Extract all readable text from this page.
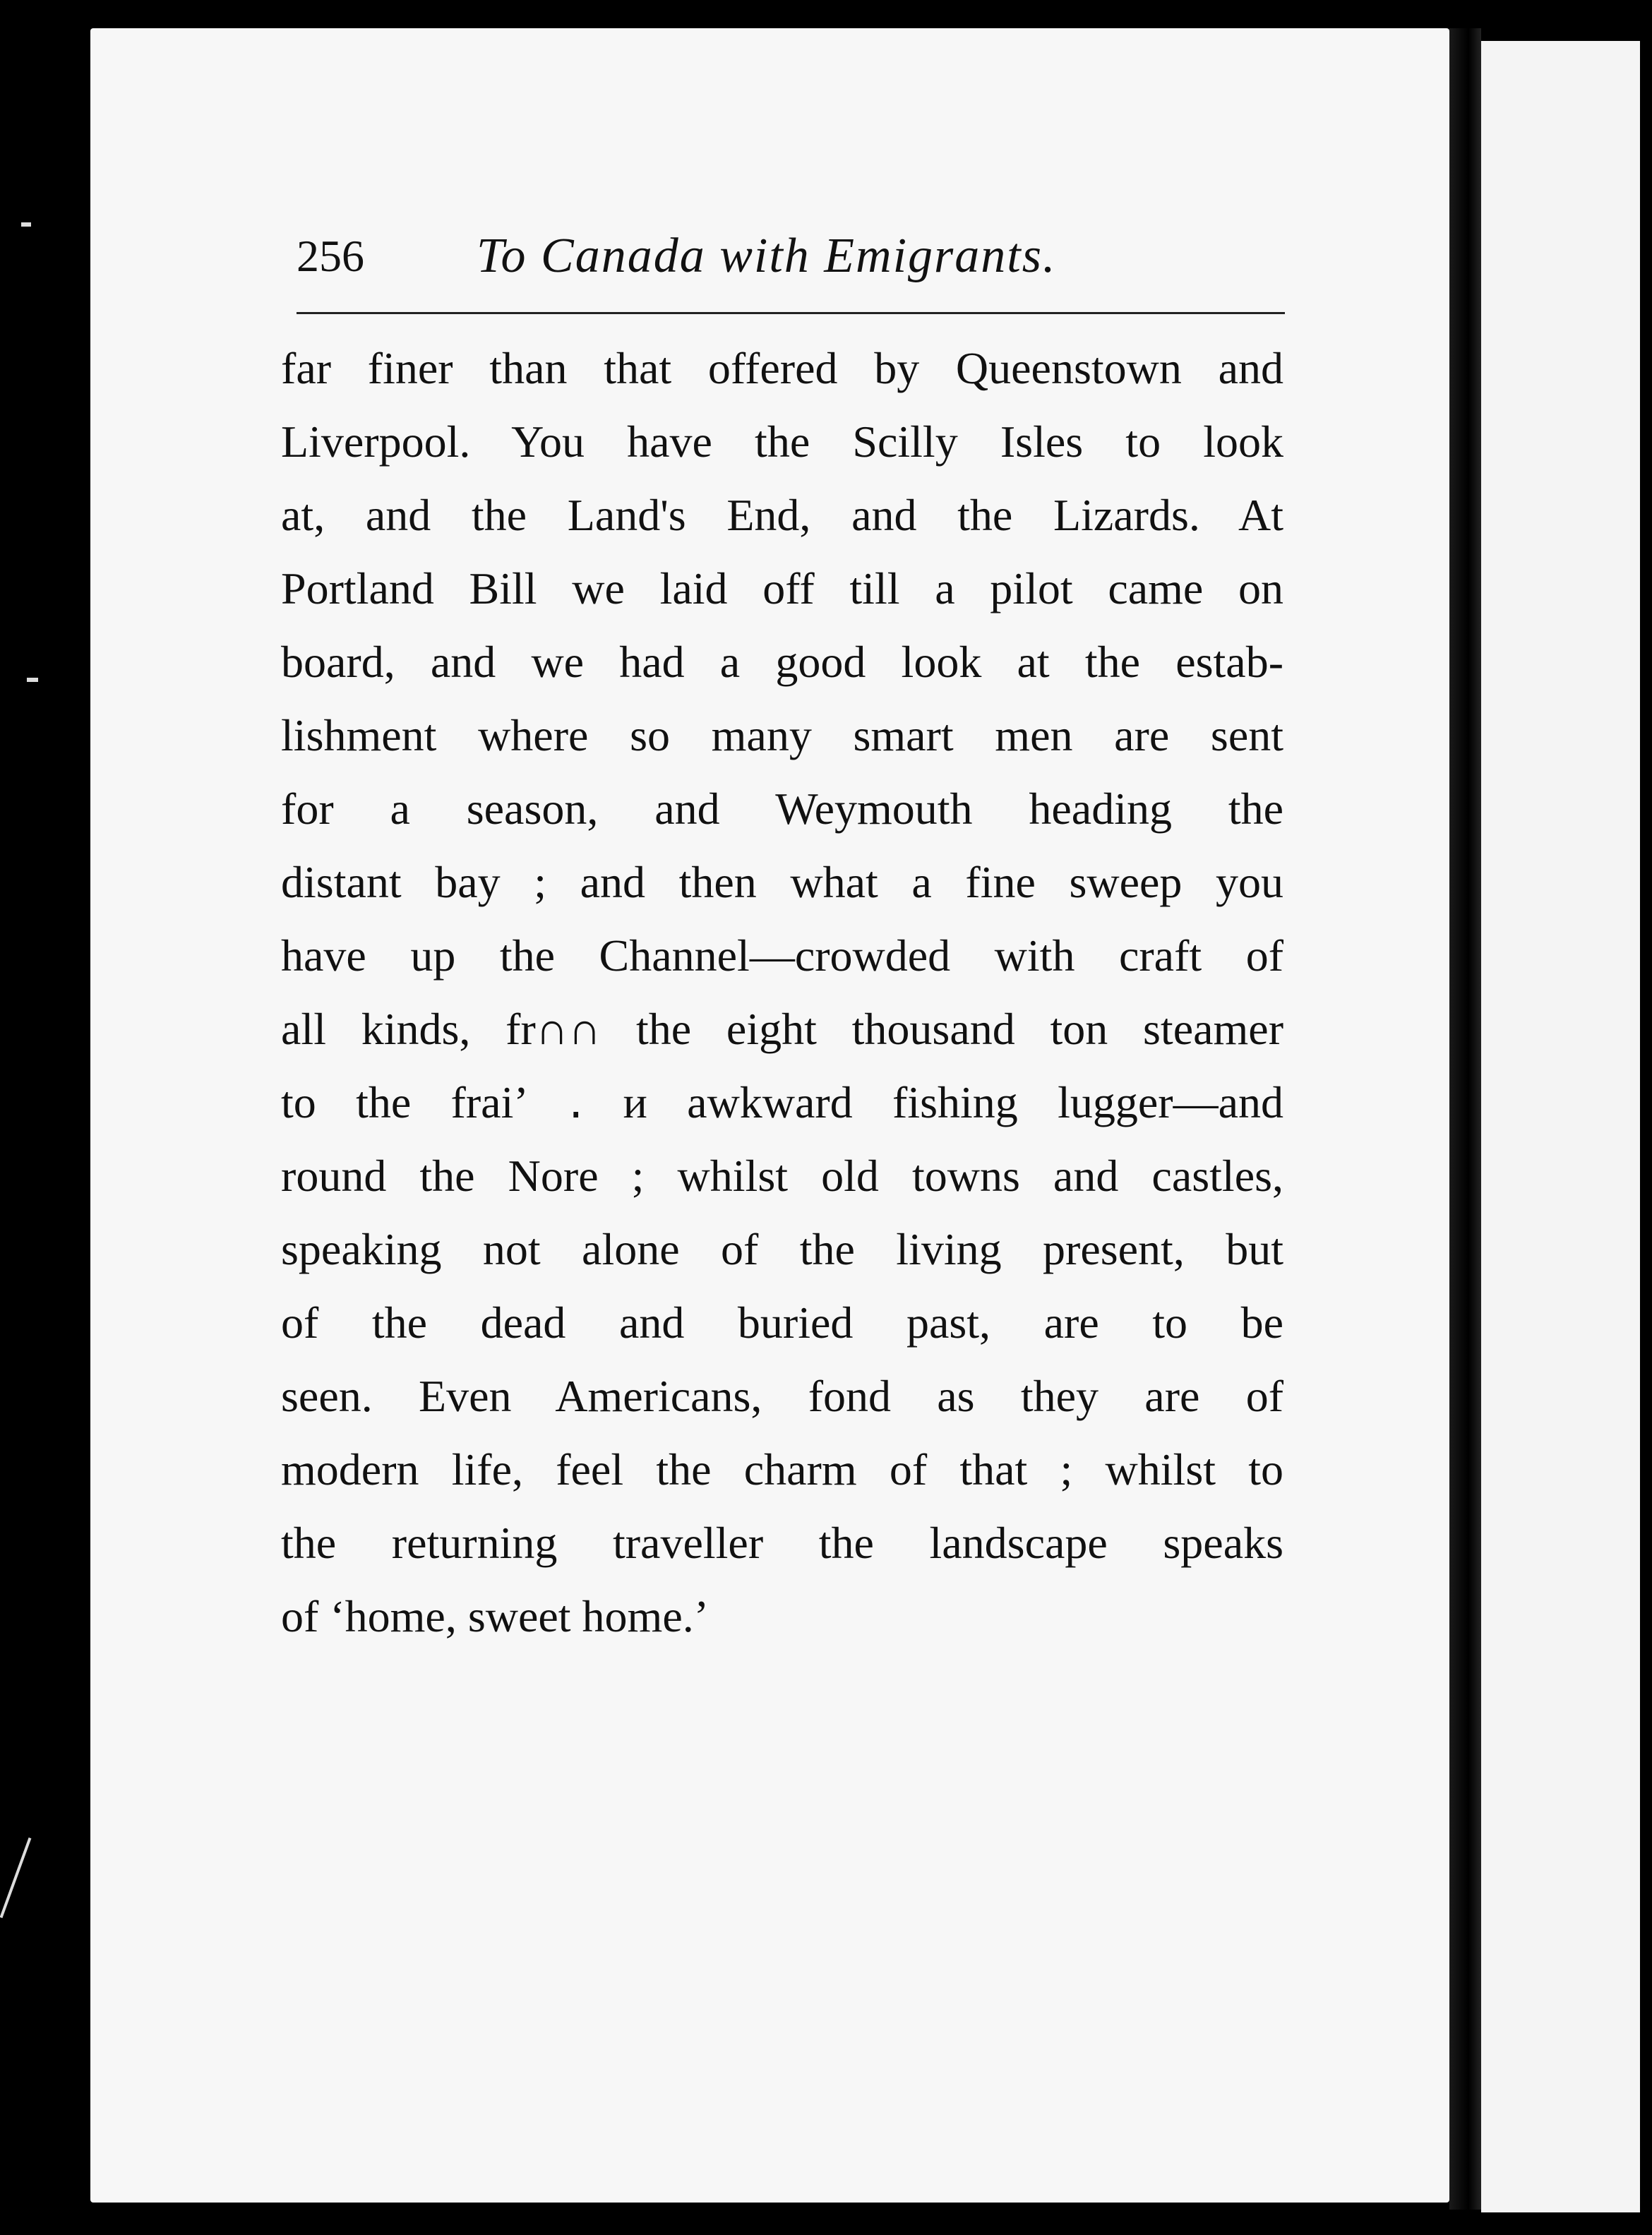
256 To Canada with Emigrants.
far finer than that offered by Queenstown and
Liverpool. You have the Scilly Isles to look
at, and the Land's End, and the Lizards. At
Portland Bill we laid off till a pilot came on
board, and we had a good look at the estab-
lishment where so many smart men are sent
for a season, and Weymouth heading the
distant bay ; and then what a fine sweep you
have up the Channel—crowded with craft of
all kinds, fr∩∩ the eight thousand ton steamer
to the fraiʼ ․ и awkward fishing lugger—and
round the Nore ; whilst old towns and castles,
speaking not alone of the living present, but
of the dead and buried past, are to be
seen. Even Americans, fond as they are of
modern life, feel the charm of that ; whilst to
the returning traveller the landscape speaks
of ‘home, sweet home.’
